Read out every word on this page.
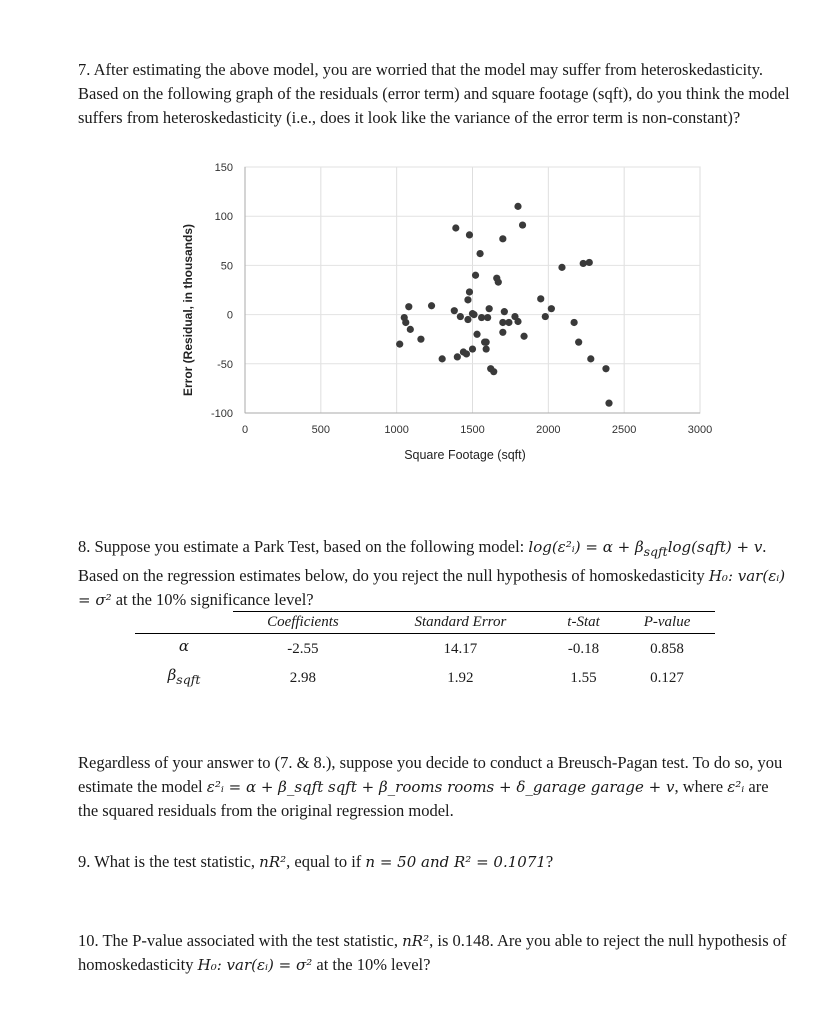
7. After estimating the above model, you are worried that the model may suffer from heteroskedasticity. Based on the following graph of the residuals (error term) and square footage (sqft), do you think the model suffers from heteroskedasticity (i.e., does it look like the variance of the error term is non-constant)?
150
100
50
0
-50
-100
0	500	1000	1500	2000	2500	3000
Error (Residual, in thousands)
Square Footage (sqft)
8. Suppose you estimate a Park Test, based on the following model: log(ε²ᵢ) = $\alpha + \beta_{sqft}\log(sqft) + v$. Based on the regression estimates below, do you reject the null hypothesis of homoskedasticity H₀: var(εᵢ) = σ² at the 10% significance level?
	Coefficients	Standard Error	t-Stat	P-value
α	-2.55	14.17	-0.18	0.858
$\beta_{sqft}$	2.98	1.92	1.55	0.127
Regardless of your answer to (7. & 8.), suppose you decide to conduct a Breusch-Pagan test. To do so, you estimate the model ε²ᵢ = α + β_sqft sqft + β_rooms rooms + δ_garage garage + v, where ε²ᵢ are the squared residuals from the original regression model.
9. What is the test statistic, nR², equal to if n = 50 and R² = 0.1071?
10. The P-value associated with the test statistic, nR², is 0.148. Are you able to reject the null hypothesis of homoskedasticity H₀: var(εᵢ) = σ² at the 10% level?
